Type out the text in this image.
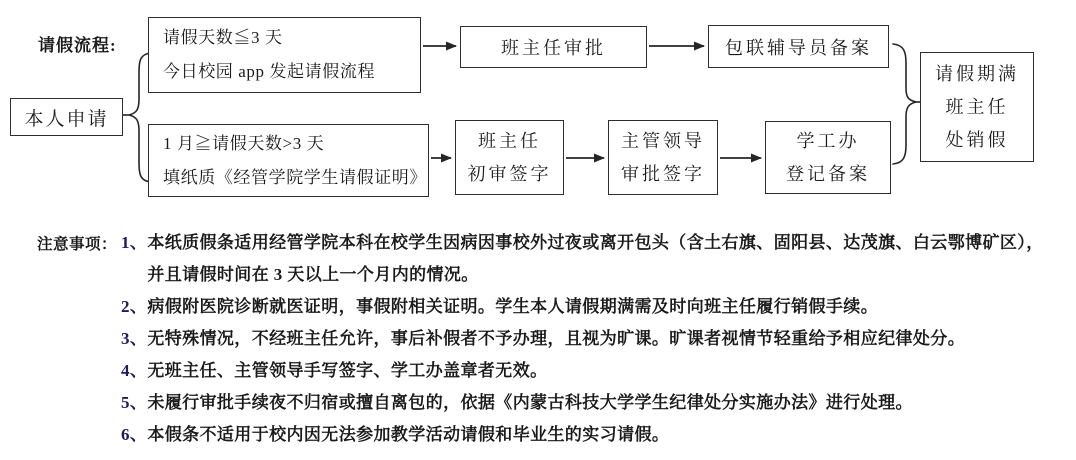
请假流程:
本人申请
请假天数≦3 天
今日校园 app 发起请假流程
1 月≧请假天数>3 天
填纸质《经管学院学生请假证明》
班主任审批	包联辅导员备案
班主任
初审签字
主管领导
审批签字
学工办
登记备案
请假期满
班主任
处销假
注意事项： 1、 本纸质假条适用经管学院本科在校学生因病因事校外过夜或离开包头（含土右旗、固阳县、达茂旗、白云鄂博矿区），
并且请假时间在 3 天以上一个月内的情况。
2、 病假附医院诊断就医证明，事假附相关证明。学生本人请假期满需及时向班主任履行销假手续。
3、 无特殊情况，不经班主任允许，事后补假者不予办理，且视为旷课。旷课者视情节轻重给予相应纪律处分。
4、 无班主任、主管领导手写签字、学工办盖章者无效。
5、 未履行审批手续夜不归宿或擅自离包的，依据《内蒙古科技大学学生纪律处分实施办法》进行处理。
6、 本假条不适用于校内因无法参加教学活动请假和毕业生的实习请假。
